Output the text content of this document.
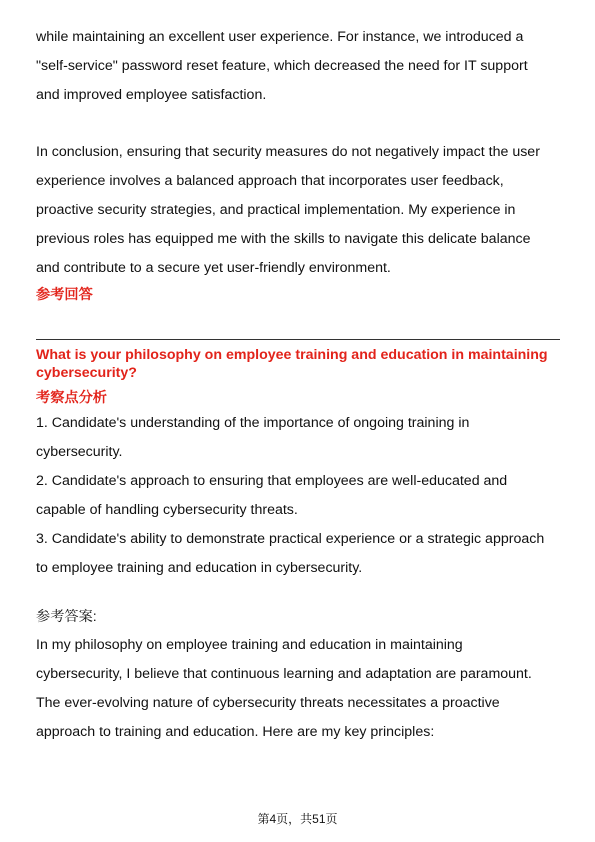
while maintaining an excellent user experience. For instance, we introduced a
"self-service" password reset feature, which decreased the need for IT support
and improved employee satisfaction.

In conclusion, ensuring that security measures do not negatively impact the user
experience involves a balanced approach that incorporates user feedback,
proactive security strategies, and practical implementation. My experience in
previous roles has equipped me with the skills to navigate this delicate balance
and contribute to a secure yet user-friendly environment.

参考回答

What is your philosophy on employee training and education in maintaining
cybersecurity?

考察点分析

1. Candidate's understanding of the importance of ongoing training in
cybersecurity.

2. Candidate's approach to ensuring that employees are well-educated and
capable of handling cybersecurity threats.

3. Candidate's ability to demonstrate practical experience or a strategic approach
to employee training and education in cybersecurity.

参考答案:

In my philosophy on employee training and education in maintaining
cybersecurity, I believe that continuous learning and adaptation are paramount.
The ever-evolving nature of cybersecurity threats necessitates a proactive
approach to training and education. Here are my key principles:

第4页，共51页
